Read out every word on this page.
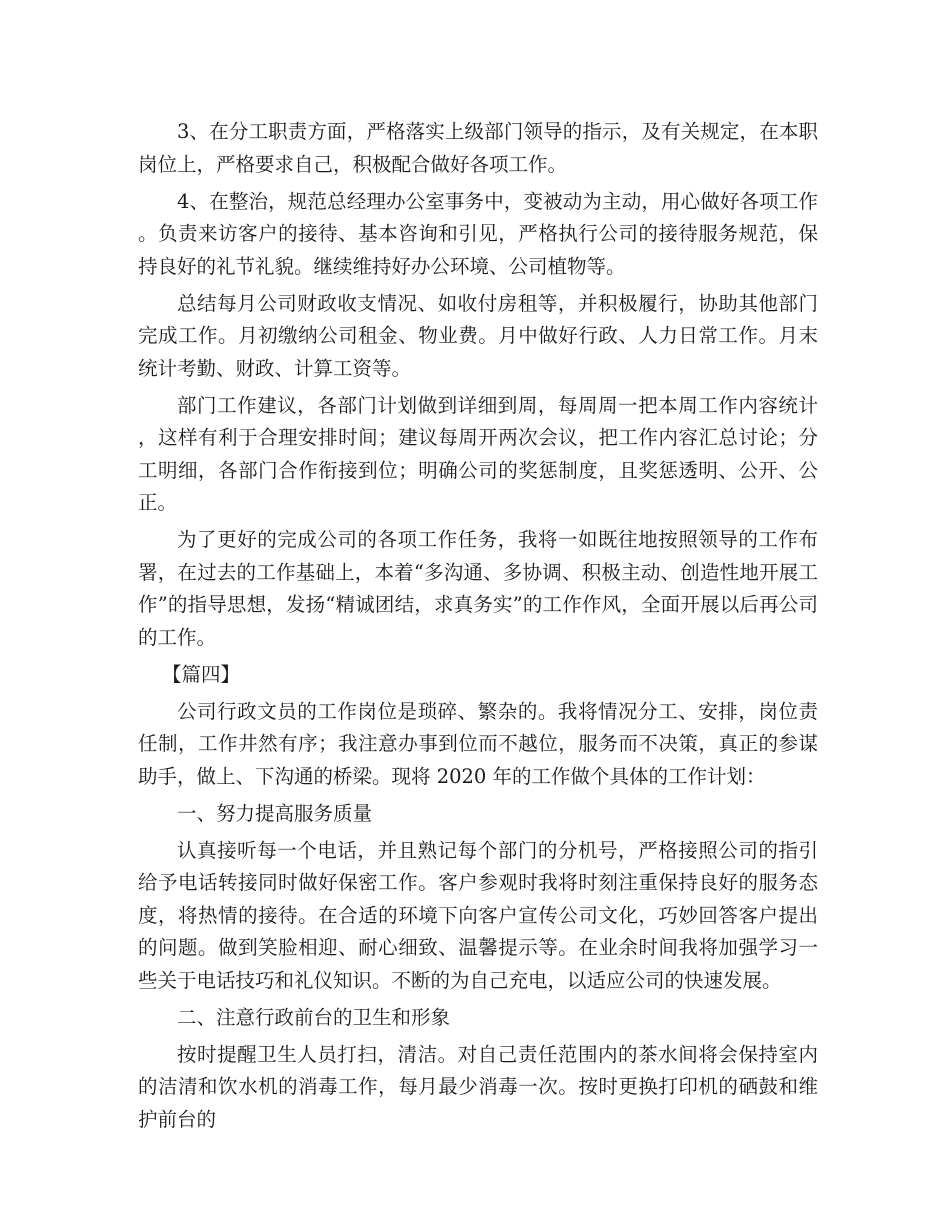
3、在分工职责方面，严格落实上级部门领导的指示，及有关规定，在本职岗位上，严格要求自己，积极配合做好各项工作。

4、在整治，规范总经理办公室事务中，变被动为主动，用心做好各项工作。负责来访客户的接待、基本咨询和引见，严格执行公司的接待服务规范，保持良好的礼节礼貌。继续维持好办公环境、公司植物等。

总结每月公司财政收支情况、如收付房租等，并积极履行，协助其他部门完成工作。月初缴纳公司租金、物业费。月中做好行政、人力日常工作。月末统计考勤、财政、计算工资等。

部门工作建议，各部门计划做到详细到周，每周周一把本周工作内容统计，这样有利于合理安排时间；建议每周开两次会议，把工作内容汇总讨论；分工明细，各部门合作衔接到位；明确公司的奖惩制度，且奖惩透明、公开、公正。

为了更好的完成公司的各项工作任务，我将一如既往地按照领导的工作布署，在过去的工作基础上，本着“多沟通、多协调、积极主动、创造性地开展工作”的指导思想，发扬“精诚团结，求真务实”的工作作风，全面开展以后再公司的工作。

【篇四】

公司行政文员的工作岗位是琐碎、繁杂的。我将情况分工、安排，岗位责任制，工作井然有序；我注意办事到位而不越位，服务而不决策，真正的参谋助手，做上、下沟通的桥梁。现将 2020 年的工作做个具体的工作计划：

一、努力提高服务质量

认真接听每一个电话，并且熟记每个部门的分机号，严格接照公司的指引给予电话转接同时做好保密工作。客户参观时我将时刻注重保持良好的服务态度，将热情的接待。在合适的环境下向客户宣传公司文化，巧妙回答客户提出的问题。做到笑脸相迎、耐心细致、温馨提示等。在业余时间我将加强学习一些关于电话技巧和礼仪知识。不断的为自己充电，以适应公司的快速发展。

二、注意行政前台的卫生和形象

按时提醒卫生人员打扫，清洁。对自己责任范围内的茶水间将会保持室内的洁清和饮水机的消毒工作，每月最少消毒一次。按时更换打印机的硒鼓和维护前台的
